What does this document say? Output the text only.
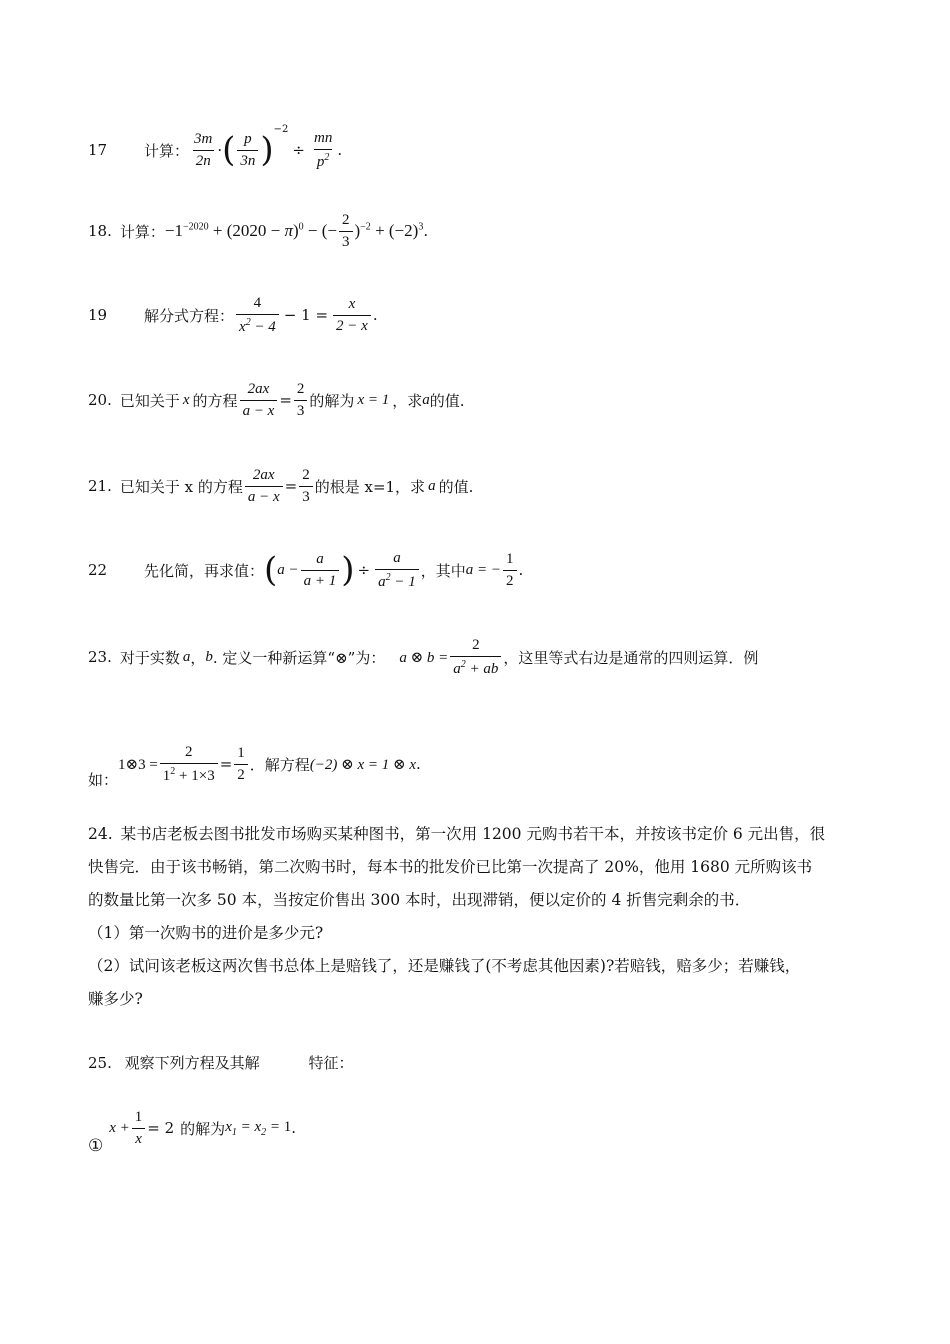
17	计算： $\frac{3m}{2n}$ · ( $\frac{p}{3n}$ )
$^{-2}$
÷ $\frac{mn}{p^2}$ .
18. 计算： $-1^{-2020} + (2020 - \pi)^0$ − (− $\frac{2}{3} )^{-2} + (-2)^3$ .
19	解分式方程： $\frac{4}{x^2 - 4} - 1 = \frac{x}{2 - x}$ .
20. 已知关于 x 的方程 $\frac{2ax}{a - x} = \frac{2}{3}$ 的解为 x = 1 ，求 a 的值.
21. 已知关于 x 的方程 $\frac{2ax}{a - x} = \frac{2}{3}$ 的根是 x=1，求 a 的值.
22	先化简，再求值： ( $a - \frac{a}{a + 1}$ ) ÷ $\frac{a}{a^2 - 1}$ ，其中 a = − $\frac{1}{2}$ .
23. 对于实数 a ， b . 定义一种新运算“⊗”为： a ⊗ $b = \frac{2}{a^2 + ab}$ ，这里等式右边是通常的四则运算．例
如：
1⊗3 = $\frac{2}{1^2 + 1\times 3} = \frac{1}{2}$ ．解方程 (−2) ⊗ x = 1 ⊗ x .
24. 某书店老板去图书批发市场购买某种图书，第一次用 1200 元购书若干本，并按该书定价 6 元出售，很
快售完．由于该书畅销，第二次购书时，每本书的批发价已比第一次提高了 20%，他用 1680 元所购该书
的数量比第一次多 50 本，当按定价售出 300 本时，出现滞销，便以定价的 4 折售完剩余的书．
（1）第一次购书的进价是多少元?
（2）试问该老板这两次售书总体上是赔钱了，还是赚钱了(不考虑其他因素)?若赔钱，赔多少；若赚钱，
赚多少?
25. 观察下列方程及其解	特征：
①
$x + \frac{1}{x} = 2$ 的解为 $x_1 = x_2 = 1$ .
